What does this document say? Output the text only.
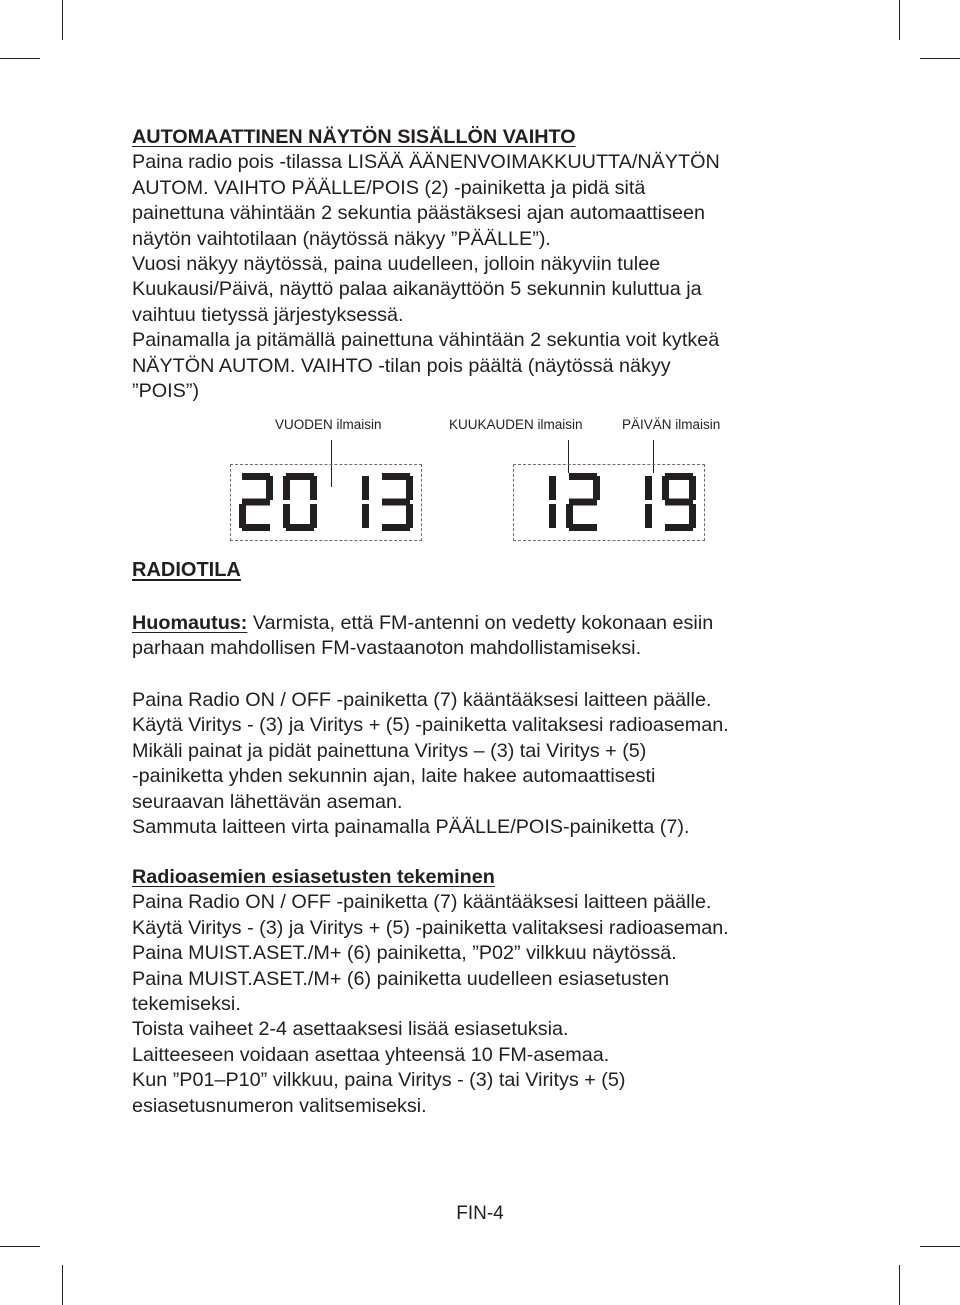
AUTOMAATTINEN NÄYTÖN SISÄLLÖN VAIHTO

Paina radio pois -tilassa LISÄÄ ÄÄNENVOIMAKKUUTTA/NÄYTÖN
AUTOM. VAIHTO PÄÄLLE/POIS (2) -painiketta ja pidä sitä
painettuna vähintään 2 sekuntia päästäksesi ajan automaattiseen
näytön vaihtotilaan (näytössä näkyy ”PÄÄLLE”).
Vuosi näkyy näytössä, paina uudelleen, jolloin näkyviin tulee
Kuukausi/Päivä, näyttö palaa aikanäyttöön 5 sekunnin kuluttua ja
vaihtuu tietyssä järjestyksessä.
Painamalla ja pitämällä painettuna vähintään 2 sekuntia voit kytkeä
NÄYTÖN AUTOM. VAIHTO -tilan pois päältä (näytössä näkyy
”POIS”)
VUODEN ilmaisin	KUUKAUDEN ilmaisin	PÄIVÄN ilmaisin
RADIOTILA
Huomautus: Varmista, että FM-antenni on vedetty kokonaan esiin
parhaan mahdollisen FM-vastaanoton mahdollistamiseksi.
Paina Radio ON / OFF -painiketta (7) kääntääksesi laitteen päälle.
Käytä Viritys - (3) ja Viritys + (5) -painiketta valitaksesi radioaseman.
Mikäli painat ja pidät painettuna Viritys – (3) tai Viritys + (5)
-painiketta yhden sekunnin ajan, laite hakee automaattisesti
seuraavan lähettävän aseman.
Sammuta laitteen virta painamalla PÄÄLLE/POIS-painiketta (7).
Radioasemien esiasetusten tekeminen
Paina Radio ON / OFF -painiketta (7) kääntääksesi laitteen päälle.
Käytä Viritys - (3) ja Viritys + (5) -painiketta valitaksesi radioaseman.
Paina MUIST.ASET./M+ (6) painiketta, ”P02” vilkkuu näytössä.
Paina MUIST.ASET./M+ (6) painiketta uudelleen esiasetusten
tekemiseksi.
Toista vaiheet 2-4 asettaaksesi lisää esiasetuksia.
Laitteeseen voidaan asettaa yhteensä 10 FM-asemaa.
Kun ”P01–P10” vilkkuu, paina Viritys - (3) tai Viritys + (5)
esiasetusnumeron valitsemiseksi.
FIN-4
